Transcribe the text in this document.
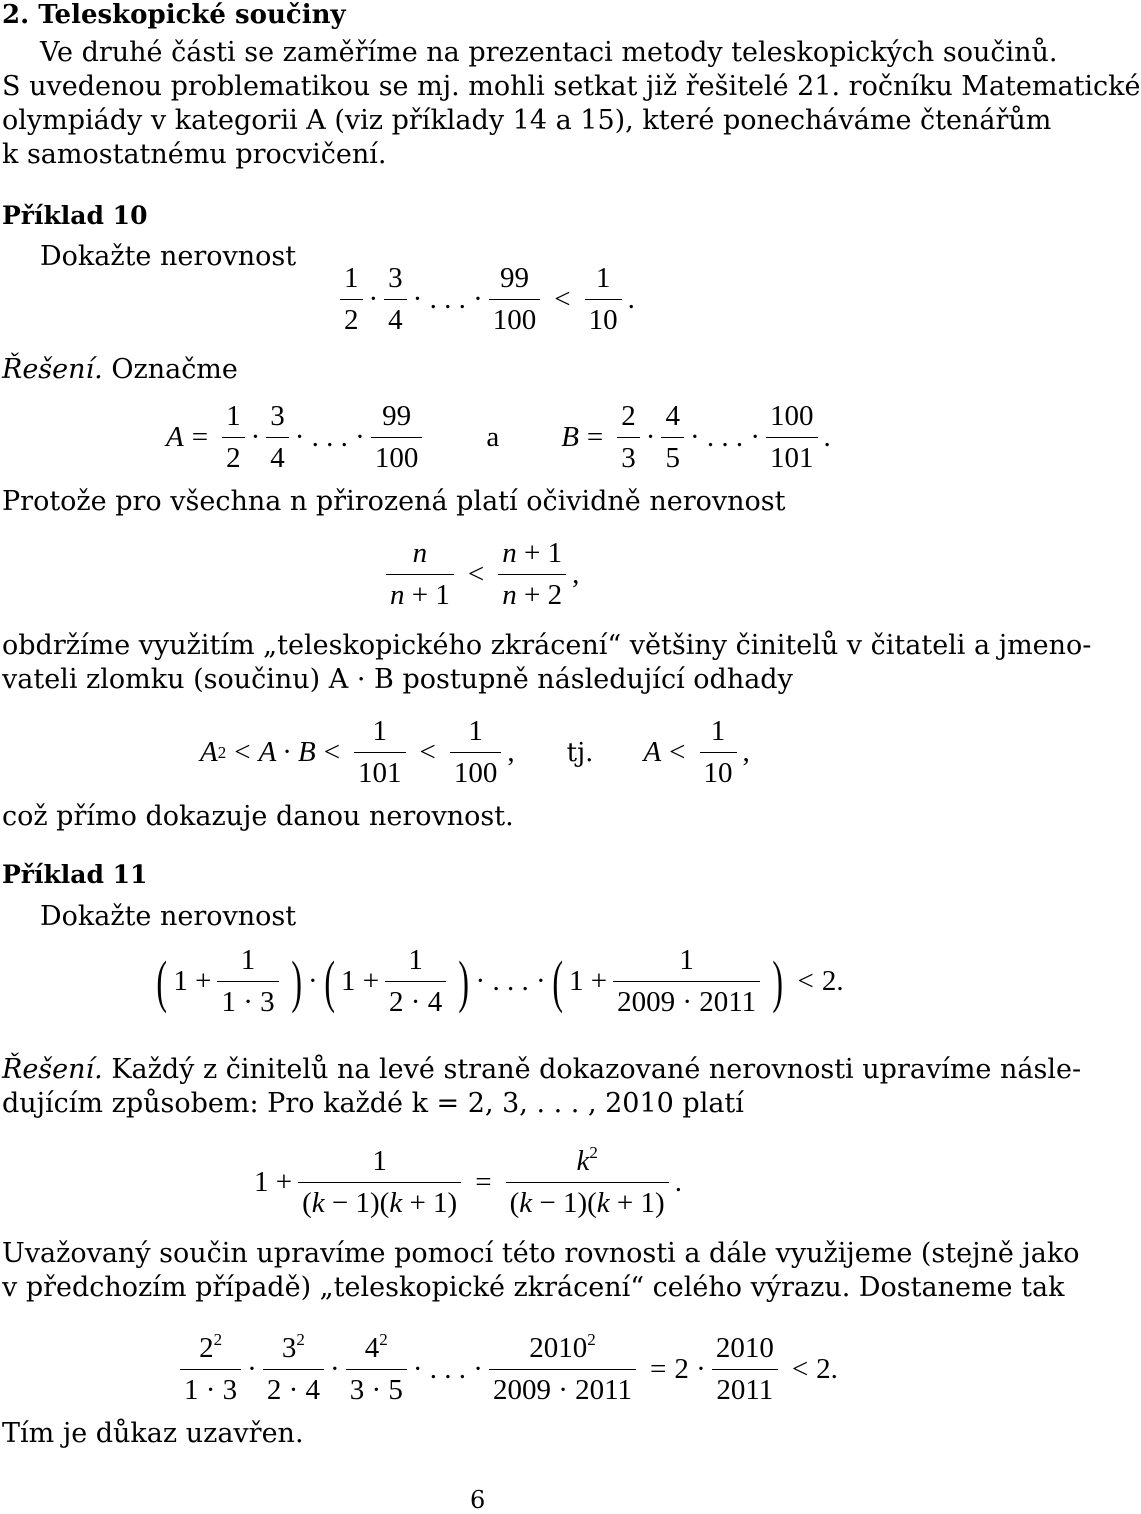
2. Teleskopické součiny
Ve druhé části se zaměříme na prezentaci metody teleskopických součinů.
S uvedenou problematikou se mj. mohli setkat již řešitelé 21. ročníku Matematické
olympiády v kategorii A (viz příklady 14 a 15), které ponecháváme čtenářům
k samostatnému procvičení.
Příklad 10
Dokažte nerovnost
$\frac{1}{2} \cdot \frac{3}{4}$ · . . . · $\frac{99}{100} < \frac{1}{10}$ .
Řešení. Označme
$A = \frac{1}{2} \cdot \frac{3}{4}$ · . . . · $\frac{99}{100}$ a $B = \frac{2}{3} \cdot \frac{4}{5}$ · . . . · $\frac{100}{101}$ .
Protože pro všechna n přirozená platí očividně nerovnost
$\frac{n}{n + 1} < \frac{n + 1}{n + 2}$ ,
obdržíme využitím „teleskopického zkrácení“ většiny činitelů v čitateli a jmeno-
vateli zlomku (součinu) A · B postupně následující odhady
A $2 < A \cdot B < \frac{1}{101} < \frac{1}{100}$ , tj. $A < \frac{1}{10}$ ,
což přímo dokazuje danou nerovnost.
Příklad 11
Dokažte nerovnost
( $1 + \frac{1}{1 \cdot 3}$ ) · ( $1 + \frac{1}{2 \cdot 4}$ ) · . . . · ( $1 + \frac{1}{2009 \cdot 2011}$ ) < 2.
Řešení. Každý z činitelů na levé straně dokazované nerovnosti upravíme násle-
dujícím způsobem: Pro každé k = 2, 3, . . . , 2010 platí
$1 + \frac{1}{(k - 1)(k + 1)} = \frac{k^2}{(k - 1)(k + 1)}$ .
Uvažovaný součin upravíme pomocí této rovnosti a dále využijeme (stejně jako
v předchozím případě) „teleskopické zkrácení“ celého výrazu. Dostaneme tak
$\frac{2^2}{1 \cdot 3} \cdot \frac{3^2}{2 \cdot 4} \cdot \frac{4^2}{3 \cdot 5}$ · . . . · $\frac{2010^2}{2009 \cdot 2011} = 2 \cdot \frac{2010}{2011} < 2$.
Tím je důkaz uzavřen.
6
